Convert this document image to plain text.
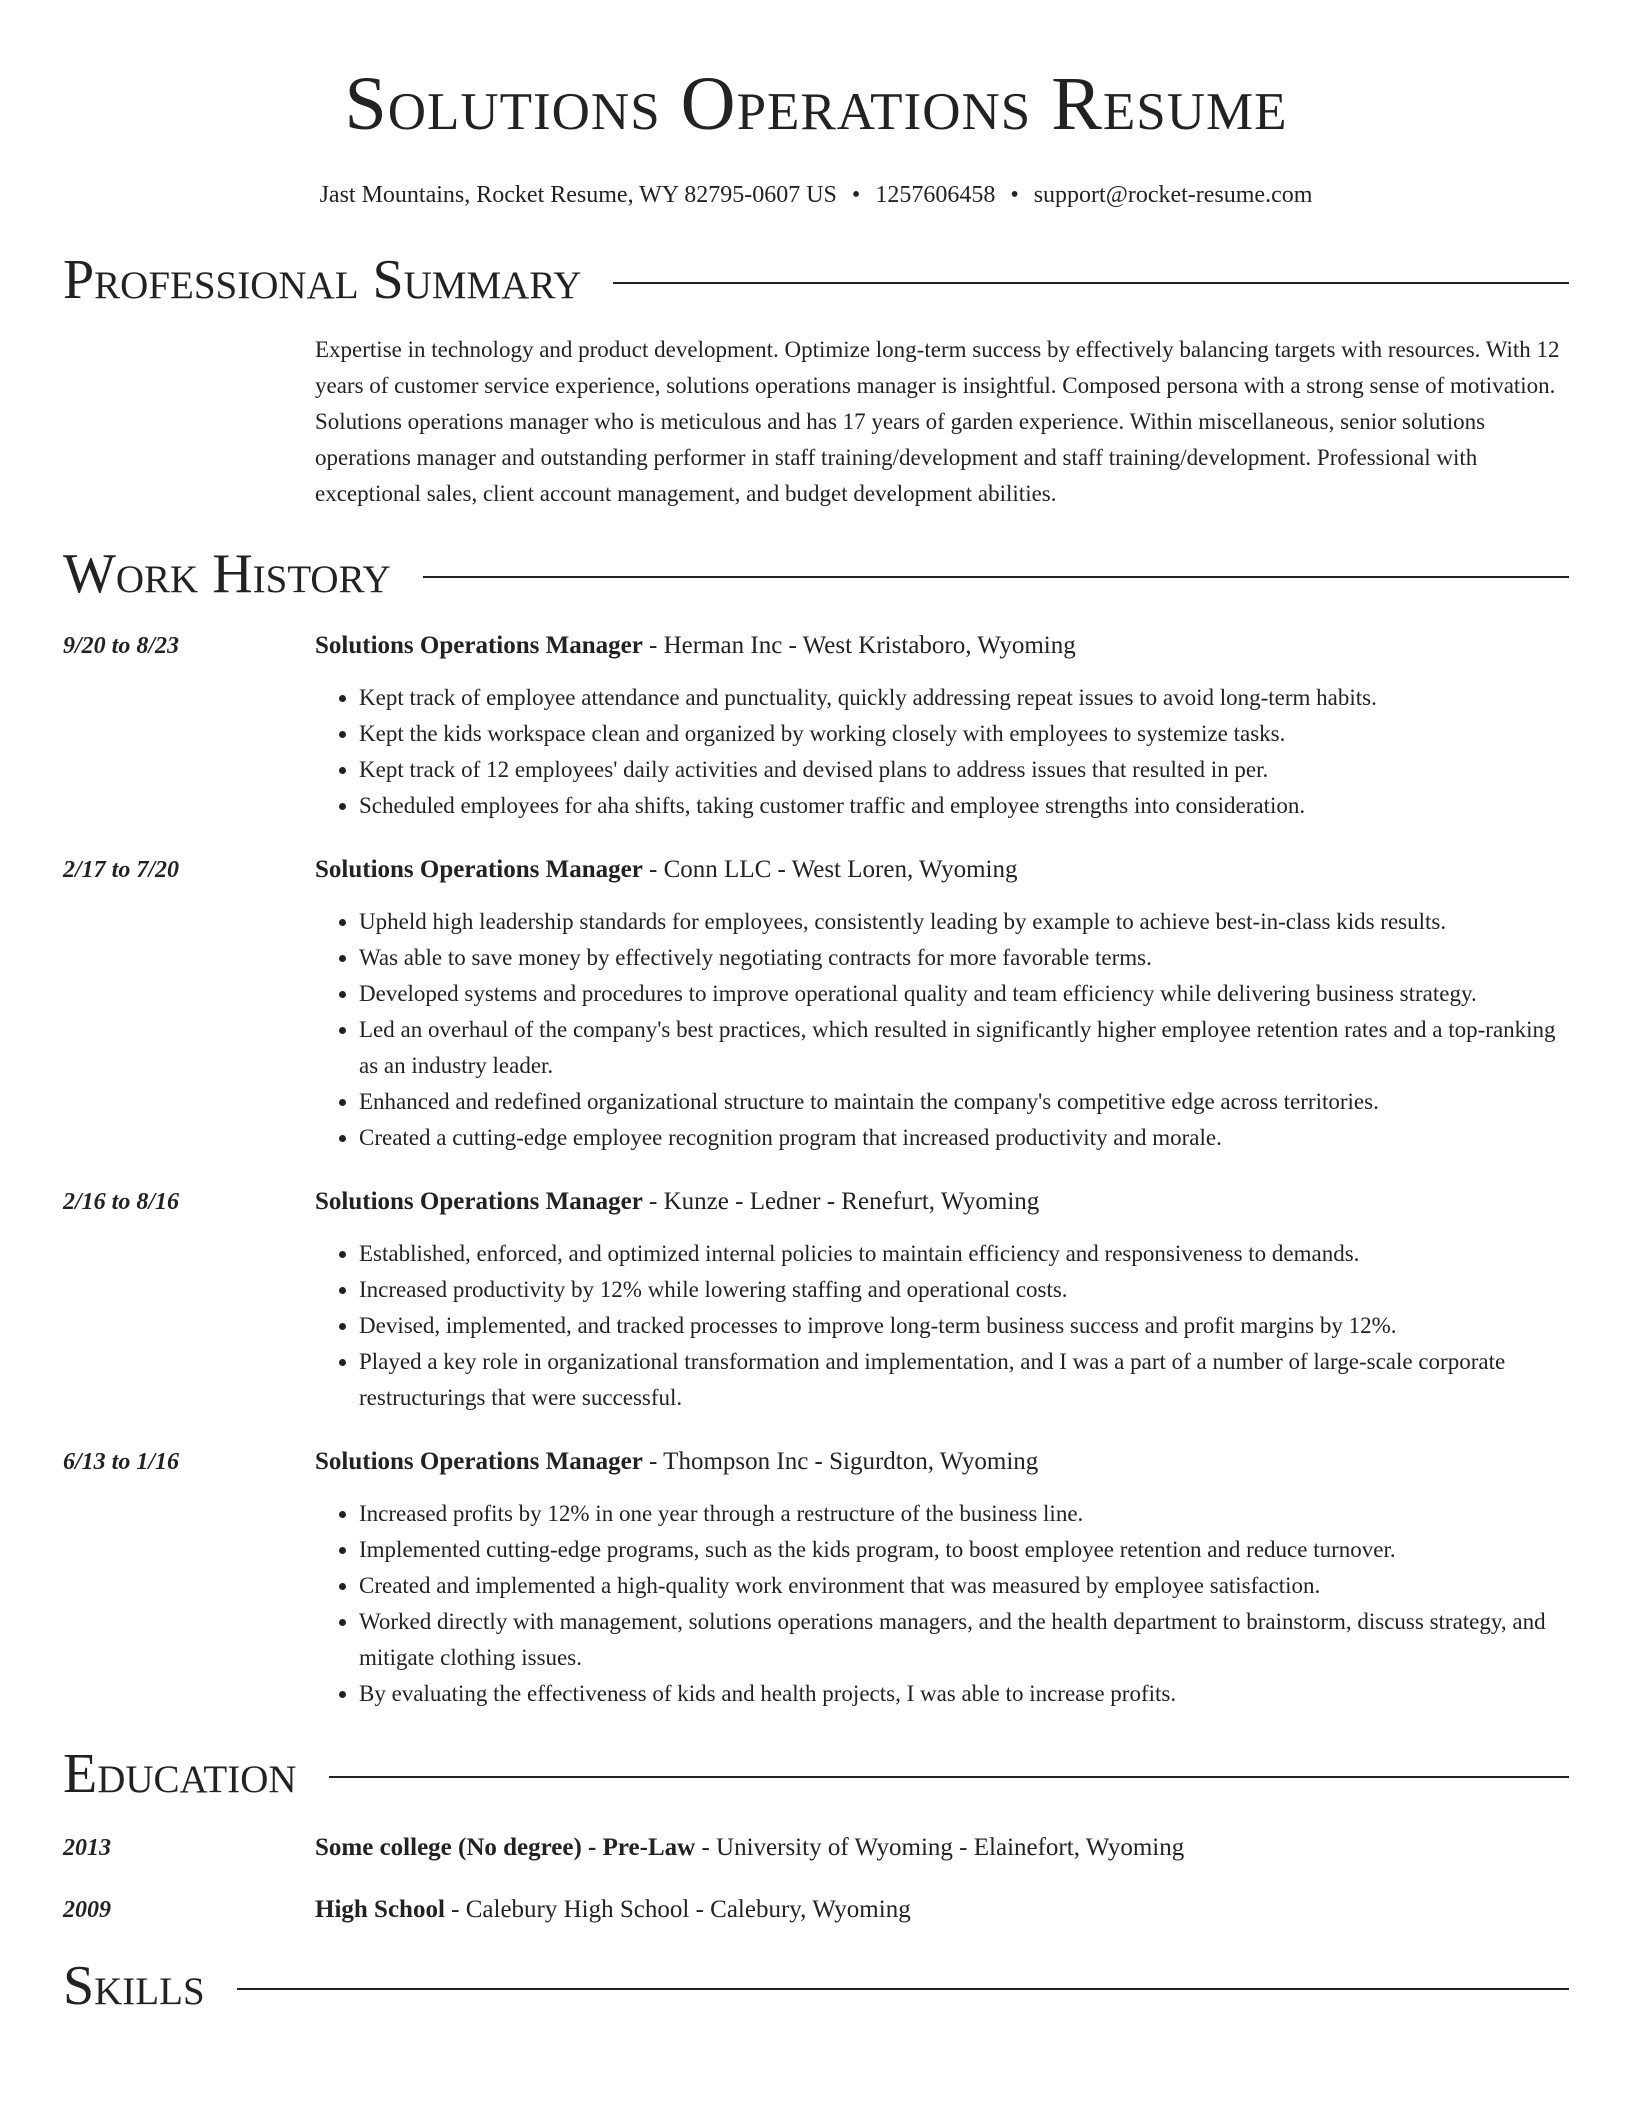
Solutions Operations Resume
Jast Mountains, Rocket Resume, WY 82795-0607 US • 1257606458 • support@rocket-resume.com
Professional Summary
Expertise in technology and product development. Optimize long-term success by effectively balancing targets with resources. With 12 years of customer service experience, solutions operations manager is insightful. Composed persona with a strong sense of motivation. Solutions operations manager who is meticulous and has 17 years of garden experience. Within miscellaneous, senior solutions operations manager and outstanding performer in staff training/development and staff training/development. Professional with exceptional sales, client account management, and budget development abilities.
Work History
9/20 to 8/23	Solutions Operations Manager - Herman Inc - West Kristaboro, Wyoming
• Kept track of employee attendance and punctuality, quickly addressing repeat issues to avoid long-term habits.
• Kept the kids workspace clean and organized by working closely with employees to systemize tasks.
• Kept track of 12 employees' daily activities and devised plans to address issues that resulted in per.
• Scheduled employees for aha shifts, taking customer traffic and employee strengths into consideration.
2/17 to 7/20	Solutions Operations Manager - Conn LLC - West Loren, Wyoming
• Upheld high leadership standards for employees, consistently leading by example to achieve best-in-class kids results.
• Was able to save money by effectively negotiating contracts for more favorable terms.
• Developed systems and procedures to improve operational quality and team efficiency while delivering business strategy.
• Led an overhaul of the company's best practices, which resulted in significantly higher employee retention rates and a top-ranking as an industry leader.
• Enhanced and redefined organizational structure to maintain the company's competitive edge across territories.
• Created a cutting-edge employee recognition program that increased productivity and morale.
2/16 to 8/16	Solutions Operations Manager - Kunze - Ledner - Renefurt, Wyoming
• Established, enforced, and optimized internal policies to maintain efficiency and responsiveness to demands.
• Increased productivity by 12% while lowering staffing and operational costs.
• Devised, implemented, and tracked processes to improve long-term business success and profit margins by 12%.
• Played a key role in organizational transformation and implementation, and I was a part of a number of large-scale corporate restructurings that were successful.
6/13 to 1/16	Solutions Operations Manager - Thompson Inc - Sigurdton, Wyoming
• Increased profits by 12% in one year through a restructure of the business line.
• Implemented cutting-edge programs, such as the kids program, to boost employee retention and reduce turnover.
• Created and implemented a high-quality work environment that was measured by employee satisfaction.
• Worked directly with management, solutions operations managers, and the health department to brainstorm, discuss strategy, and mitigate clothing issues.
• By evaluating the effectiveness of kids and health projects, I was able to increase profits.
Education
2013	Some college (No degree) - Pre-Law - University of Wyoming - Elainefort, Wyoming
2009	High School - Calebury High School - Calebury, Wyoming
Skills
